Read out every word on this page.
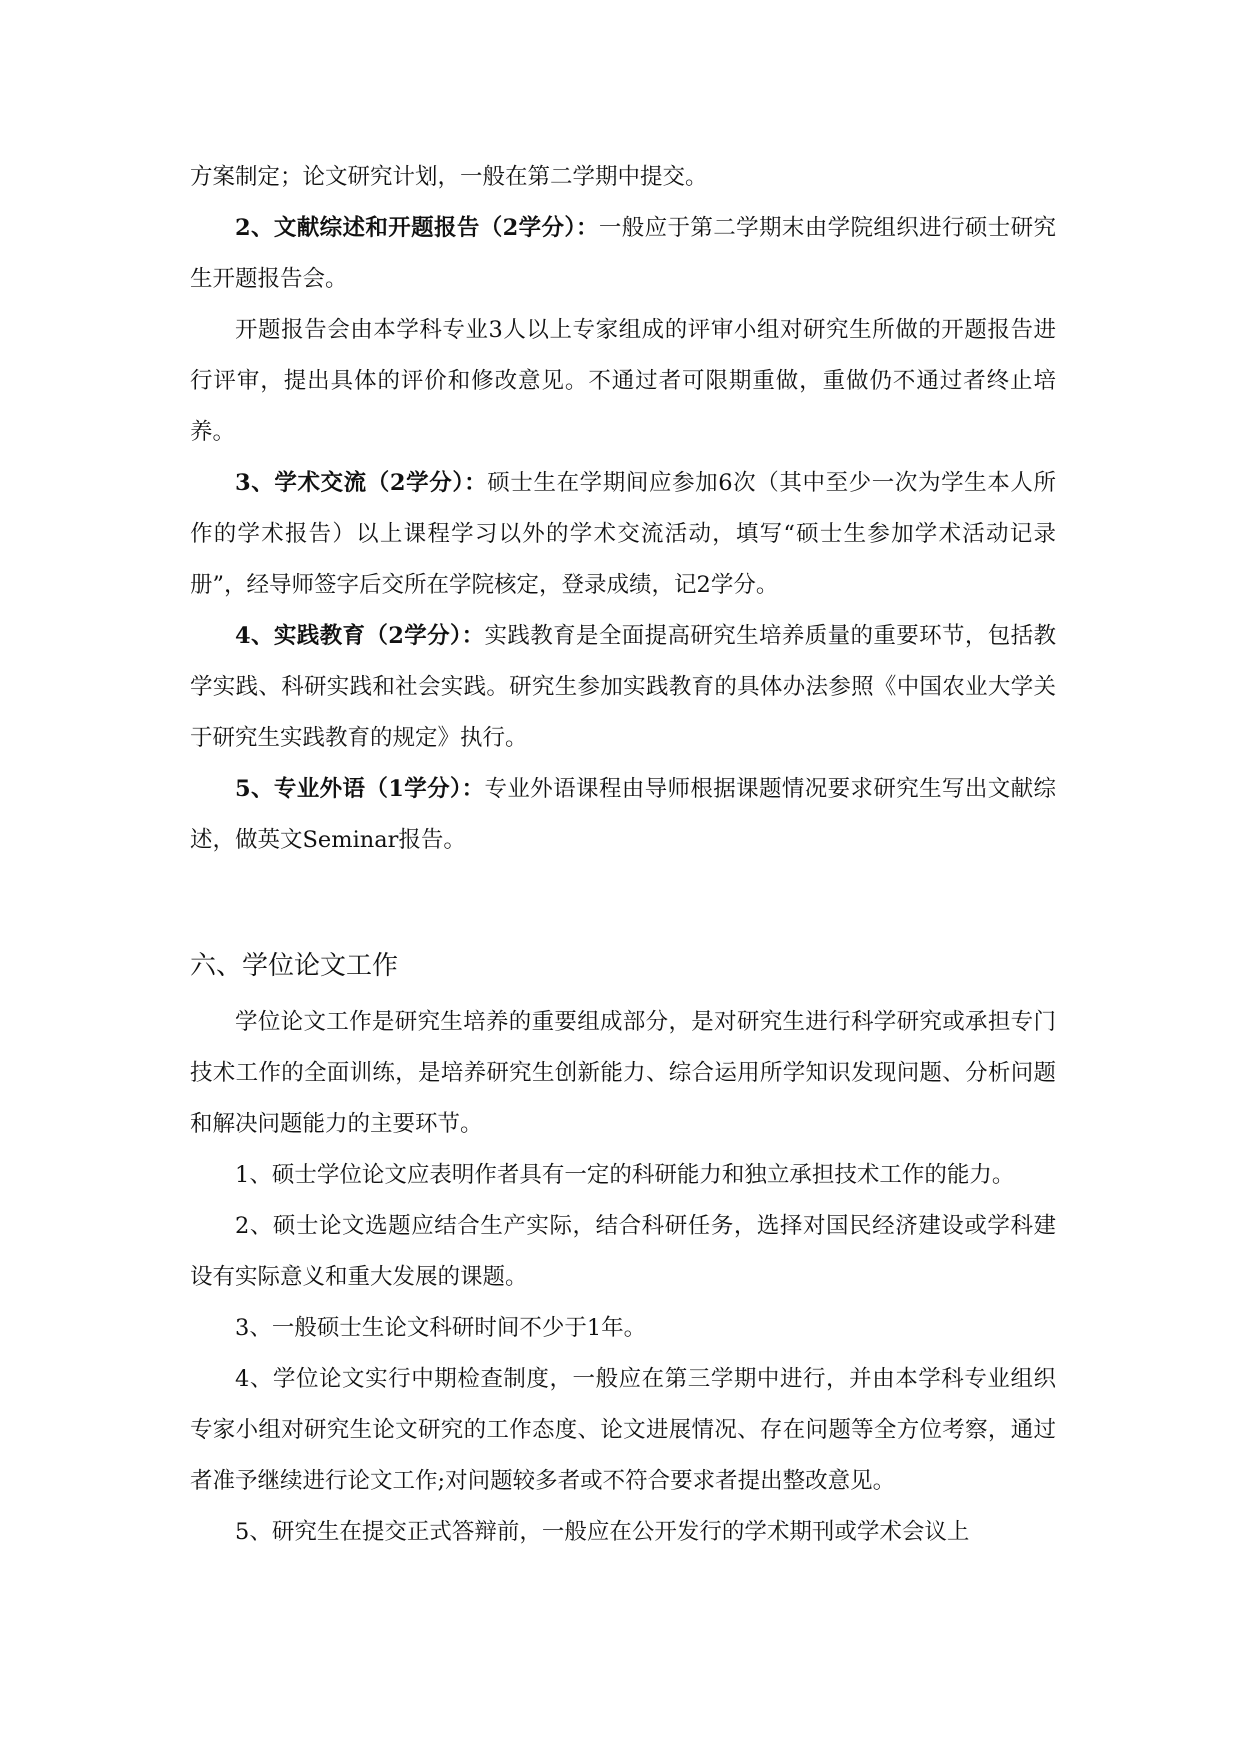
方案制定；论文研究计划，一般在第二学期中提交。

2、文献综述和开题报告（2学分）：一般应于第二学期末由学院组织进行硕士研究生开题报告会。

开题报告会由本学科专业3人以上专家组成的评审小组对研究生所做的开题报告进行评审，提出具体的评价和修改意见。不通过者可限期重做，重做仍不通过者终止培养。

3、学术交流（2学分）：硕士生在学期间应参加6次（其中至少一次为学生本人所作的学术报告）以上课程学习以外的学术交流活动，填写“硕士生参加学术活动记录册”，经导师签字后交所在学院核定，登录成绩，记2学分。

4、实践教育（2学分）：实践教育是全面提高研究生培养质量的重要环节，包括教学实践、科研实践和社会实践。研究生参加实践教育的具体办法参照《中国农业大学关于研究生实践教育的规定》执行。

5、专业外语（1学分）：专业外语课程由导师根据课题情况要求研究生写出文献综述，做英文Seminar报告。

六、学位论文工作

学位论文工作是研究生培养的重要组成部分，是对研究生进行科学研究或承担专门技术工作的全面训练，是培养研究生创新能力、综合运用所学知识发现问题、分析问题和解决问题能力的主要环节。

1、硕士学位论文应表明作者具有一定的科研能力和独立承担技术工作的能力。

2、硕士论文选题应结合生产实际，结合科研任务，选择对国民经济建设或学科建设有实际意义和重大发展的课题。

3、一般硕士生论文科研时间不少于1年。

4、学位论文实行中期检查制度，一般应在第三学期中进行，并由本学科专业组织专家小组对研究生论文研究的工作态度、论文进展情况、存在问题等全方位考察，通过者准予继续进行论文工作;对问题较多者或不符合要求者提出整改意见。

5、研究生在提交正式答辩前，一般应在公开发行的学术期刊或学术会议上
